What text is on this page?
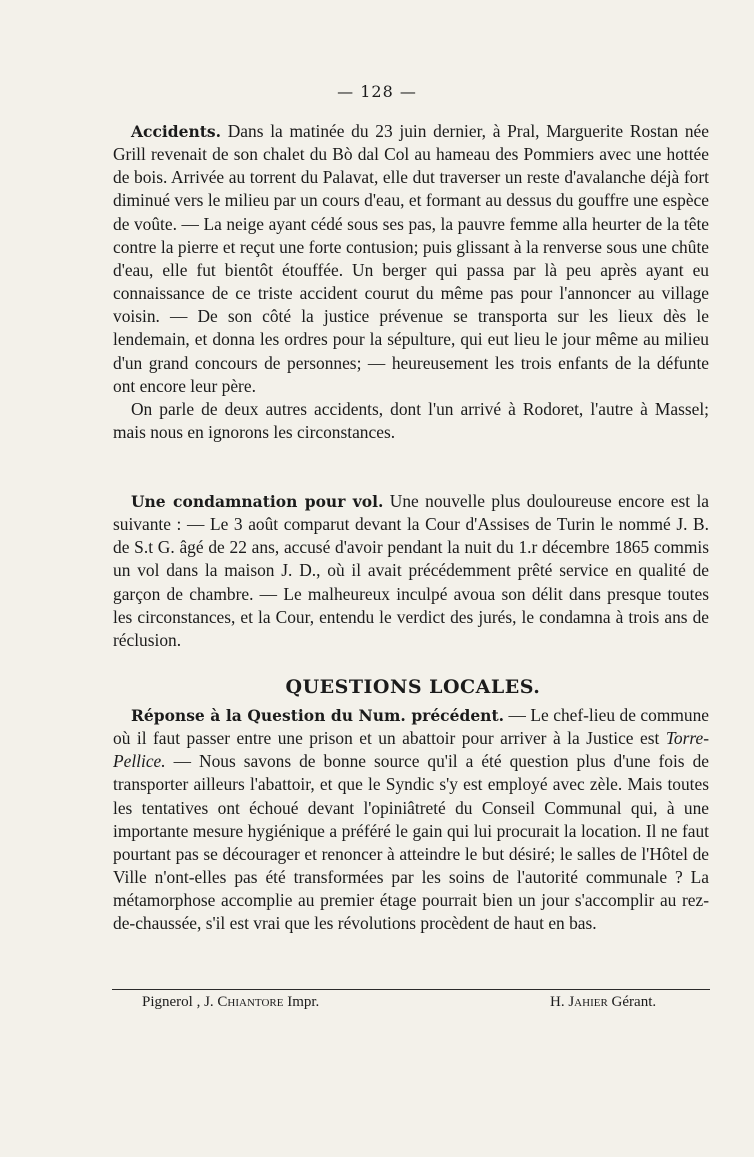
— 128 —

Accidents. Dans la matinée du 23 juin dernier, à Pral, Marguerite Rostan née Grill revenait de son chalet du Bò dal Col au hameau des Pommiers avec une hottée de bois. Arrivée au torrent du Palavat, elle dut traverser un reste d'avalanche déjà fort diminué vers le milieu par un cours d'eau, et formant au dessus du gouffre une espèce de voûte. — La neige ayant cédé sous ses pas, la pauvre femme alla heurter de la tête contre la pierre et reçut une forte contusion; puis glissant à la renverse sous une chûte d'eau, elle fut bientôt étouffée. Un berger qui passa par là peu après ayant eu connaissance de ce triste accident courut du même pas pour l'annoncer au village voisin. — De son côté la justice prévenue se transporta sur les lieux dès le lendemain, et donna les ordres pour la sépulture, qui eut lieu le jour même au milieu d'un grand concours de personnes; — heureusement les trois enfants de la défunte ont encore leur père.

On parle de deux autres accidents, dont l'un arrivé à Rodoret, l'autre à Massel; mais nous en ignorons les circonstances.

Une condamnation pour vol. Une nouvelle plus douloureuse encore est la suivante : — Le 3 août comparut devant la Cour d'Assises de Turin le nommé J. B. de S.t G. âgé de 22 ans, accusé d'avoir pendant la nuit du 1.r décembre 1865 commis un vol dans la maison J. D., où il avait précédemment prêté service en qualité de garçon de chambre. — Le malheureux inculpé avoua son délit dans presque toutes les circonstances, et la Cour, entendu le verdict des jurés, le condamna à trois ans de réclusion.

QUESTIONS LOCALES.

Réponse à la Question du Num. précédent. — Le chef-lieu de commune où il faut passer entre une prison et un abattoir pour arriver à la Justice est Torre-Pellice. — Nous savons de bonne source qu'il a été question plus d'une fois de transporter ailleurs l'abattoir, et que le Syndic s'y est employé avec zèle. Mais toutes les tentatives ont échoué devant l'opiniâtreté du Conseil Communal qui, à une importante mesure hygiénique a préféré le gain qui lui procurait la location. Il ne faut pourtant pas se décourager et renoncer à atteindre le but désiré; le salles de l'Hôtel de Ville n'ont-elles pas été transformées par les soins de l'autorité communale ? La métamorphose accomplie au premier étage pourrait bien un jour s'accomplir au rez-de-chaussée, s'il est vrai que les révolutions procèdent de haut en bas.

Pignerol , J. Chiantore Impr.	H. Jahier Gérant.
